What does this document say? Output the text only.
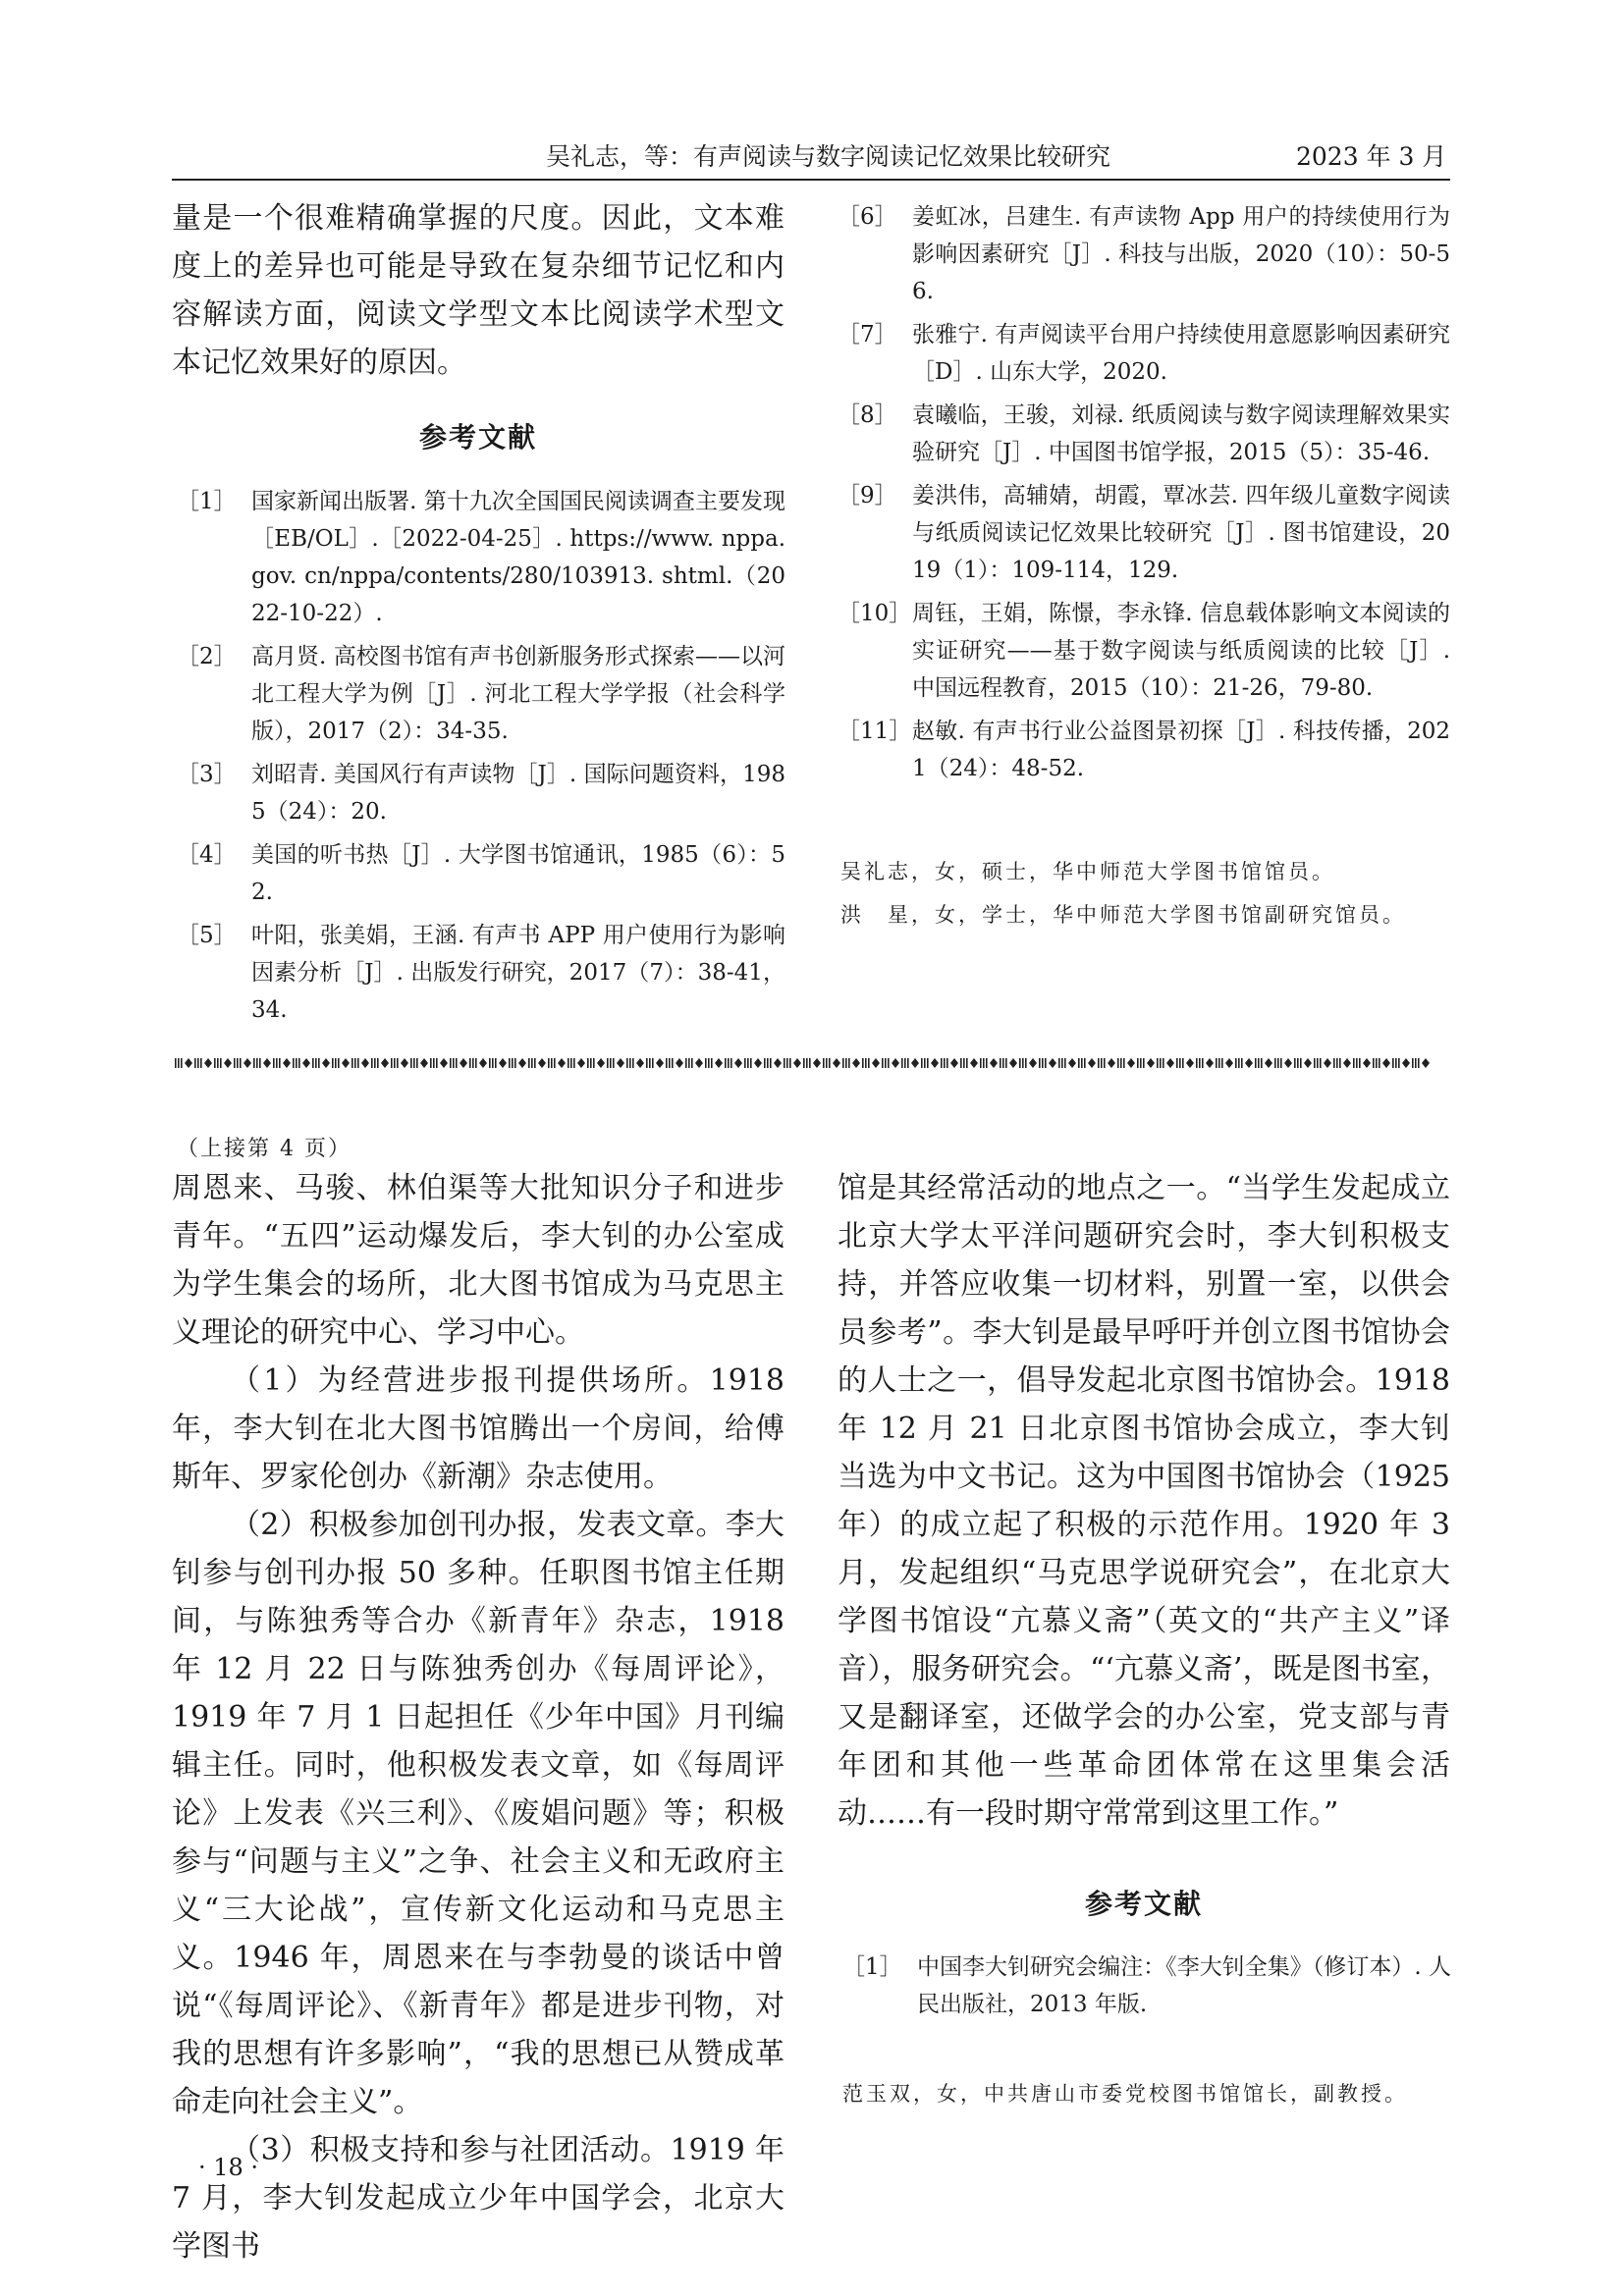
吴礼志，等：有声阅读与数字阅读记忆效果比较研究	2023 年 3 月

量是一个很难精确掌握的尺度。因此，文本难度上的差异也可能是导致在复杂细节记忆和内容解读方面，阅读文学型文本比阅读学术型文本记忆效果好的原因。

参考文献
［1］ 国家新闻出版署. 第十九次全国国民阅读调查主要发现［EB/OL］.［2022-04-25］. https://www. nppa. gov. cn/nppa/contents/280/103913. shtml.（2022-10-22）.
［2］ 高月贤. 高校图书馆有声书创新服务形式探索——以河北工程大学为例［J］. 河北工程大学学报（社会科学版），2017（2）：34-35.
［3］ 刘昭青. 美国风行有声读物［J］. 国际问题资料，1985（24）：20.
［4］ 美国的听书热［J］. 大学图书馆通讯，1985（6）：52.
［5］ 叶阳，张美娟，王涵. 有声书 APP 用户使用行为影响因素分析［J］. 出版发行研究，2017（7）：38-41，34.
［6］ 姜虹冰，吕建生. 有声读物 App 用户的持续使用行为影响因素研究［J］. 科技与出版，2020（10）：50-56.
［7］ 张雅宁. 有声阅读平台用户持续使用意愿影响因素研究［D］. 山东大学，2020.
［8］ 袁曦临，王骏，刘禄. 纸质阅读与数字阅读理解效果实验研究［J］. 中国图书馆学报，2015（5）：35-46.
［9］ 姜洪伟，高辅婧，胡霞，覃冰芸. 四年级儿童数字阅读与纸质阅读记忆效果比较研究［J］. 图书馆建设，2019（1）：109-114，129.
［10］ 周钰，王娟，陈憬，李永锋. 信息载体影响文本阅读的实证研究——基于数字阅读与纸质阅读的比较［J］. 中国远程教育，2015（10）：21-26，79-80.
［11］ 赵敏. 有声书行业公益图景初探［J］. 科技传播，2021（24）：48-52.
吴礼志，女，硕士，华中师范大学图书馆馆员。
洪　星，女，学士，华中师范大学图书馆副研究馆员。
（上接第 4 页）

周恩来、马骏、林伯渠等大批知识分子和进步青年。“五四”运动爆发后，李大钊的办公室成为学生集会的场所，北大图书馆成为马克思主义理论的研究中心、学习中心。

（1）为经营进步报刊提供场所。1918 年，李大钊在北大图书馆腾出一个房间，给傅斯年、罗家伦创办《新潮》杂志使用。

（2）积极参加创刊办报，发表文章。李大钊参与创刊办报 50 多种。任职图书馆主任期间，与陈独秀等合办《新青年》杂志，1918 年 12 月 22 日与陈独秀创办《每周评论》，1919 年 7 月 1 日起担任《少年中国》月刊编辑主任。同时，他积极发表文章，如《每周评论》上发表《兴三利》、《废娼问题》等；积极参与“问题与主义”之争、社会主义和无政府主义“三大论战”，宣传新文化运动和马克思主义。1946 年，周恩来在与李勃曼的谈话中曾说“《每周评论》、《新青年》都是进步刊物，对我的思想有许多影响”，“我的思想已从赞成革命走向社会主义”。

（3）积极支持和参与社团活动。1919 年 7 月，李大钊发起成立少年中国学会，北京大学图书

馆是其经常活动的地点之一。“当学生发起成立北京大学太平洋问题研究会时，李大钊积极支持，并答应收集一切材料，别置一室，以供会员参考”。李大钊是最早呼吁并创立图书馆协会的人士之一，倡导发起北京图书馆协会。1918 年 12 月 21 日北京图书馆协会成立，李大钊当选为中文书记。这为中国图书馆协会（1925 年）的成立起了积极的示范作用。1920 年 3 月，发起组织“马克思学说研究会”，在北京大学图书馆设“亢慕义斋”（英文的“共产主义”译音），服务研究会。“‘亢慕义斋’，既是图书室，又是翻译室，还做学会的办公室，党支部与青年团和其他一些革命团体常在这里集会活动……有一段时期守常常到这里工作。”

参考文献
［1］ 中国李大钊研究会编注：《李大钊全集》（修订本）. 人民出版社，2013 年版.
范玉双，女，中共唐山市委党校图书馆馆长，副教授。
· 18 ·
